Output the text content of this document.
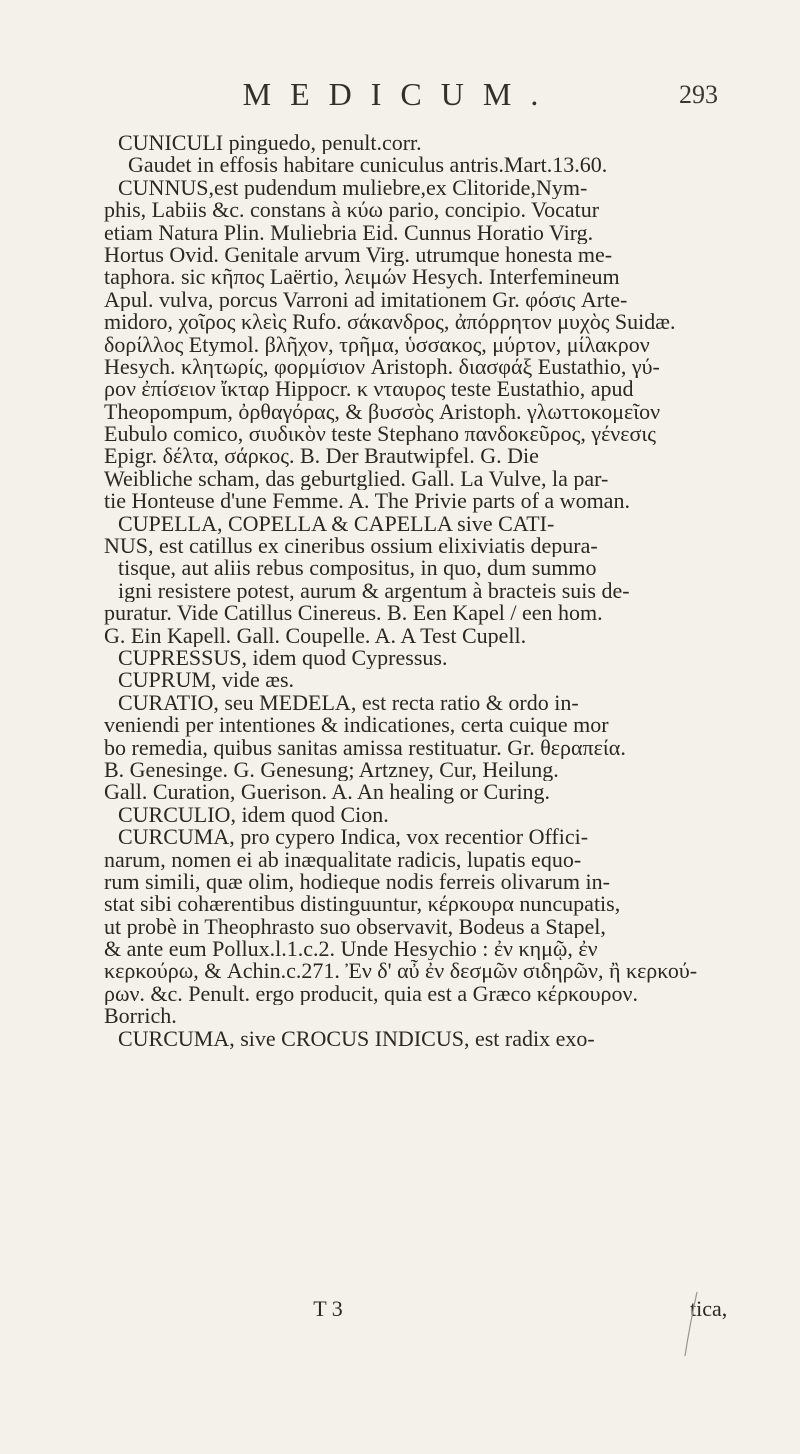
MEDICUM.	293
CUNICULI pinguedo, penult.corr.
Gaudet in effosis habitare cuniculus antris.Mart.13.60.
CUNNUS,est pudendum muliebre,ex Clitoride,Nym-
phis, Labiis &c. constans à κύω pario, concipio. Vocatur
etiam Natura Plin. Muliebria Eid. Cunnus Horatio Virg.
Hortus Ovid. Genitale arvum Virg. utrumque honesta me-
taphora. sic κῆπος Laërtio, λειμών Hesych. Interfemineum
Apul. vulva, porcus Varroni ad imitationem Gr. φόσις Arte-
midoro, χοῖρος κλεὶς Rufo. σάκανδρος, ἀπόρρητον μυχὸς Suidæ.
δορίλλος Etymol. βλῆχον, τρῆμα, ὑσσακος, μύρτον, μίλακρον
Hesych. κλητωρίς, φορμίσιον Aristoph. διασφάξ Eustathio, γύ-
ρον ἐπίσειον ἴκταρ Hippocr. κ νταυρος teste Eustathio, apud
Theopompum, ὀρθαγόρας, & βυσσὸς Aristoph. γλωττοκομεῖον
Eubulo comico, σιυδικὸν teste Stephano πανδοκεῦρος, γένεσις
Epigr. δέλτα, σάρκος. B. Der Brautwipfel. G. Die
Weibliche scham, das geburtglied. Gall. La Vulve, la par-
tie Honteuse d'une Femme. A. The Privie parts of a woman.
CUPELLA, COPELLA & CAPELLA sive CATI-
NUS, est catillus ex cineribus ossium elixiviatis depura-
tisque, aut aliis rebus compositus, in quo, dum summo
igni resistere potest, aurum & argentum à bracteis suis de-
puratur. Vide Catillus Cinereus. B. Een Kapel / een hom.
G. Ein Kapell. Gall. Coupelle. A. A Test Cupell.
CUPRESSUS, idem quod Cypressus.
CUPRUM, vide æs.
CURATIO, seu MEDELA, est recta ratio & ordo in-
veniendi per intentiones & indicationes, certa cuique mor
bo remedia, quibus sanitas amissa restituatur. Gr. θεραπεία.
B. Genesinge. G. Genesung; Artzney, Cur, Heilung.
Gall. Curation, Guerison. A. An healing or Curing.
CURCULIO, idem quod Cion.
CURCUMA, pro cypero Indica, vox recentior Offici-
narum, nomen ei ab inæqualitate radicis, lupatis equo-
rum simili, quæ olim, hodieque nodis ferreis olivarum in-
stat sibi cohærentibus distinguuntur, κέρκουρα nuncupatis,
ut probè in Theophrasto suo observavit, Bodeus a Stapel,
& ante eum Pollux.l.1.c.2. Unde Hesychio : ἐν κημῷ, ἐν
κερκούρω, & Achin.c.271. Ἐν δ' αὖ ἐν δεσμῶν σιδηρῶν, ἢ κερκού-
ρων. &c. Penult. ergo producit, quia est a Græco κέρκουρον.
Borrich.
CURCUMA, sive CROCUS INDICUS, est radix exo-
T 3	tica,
